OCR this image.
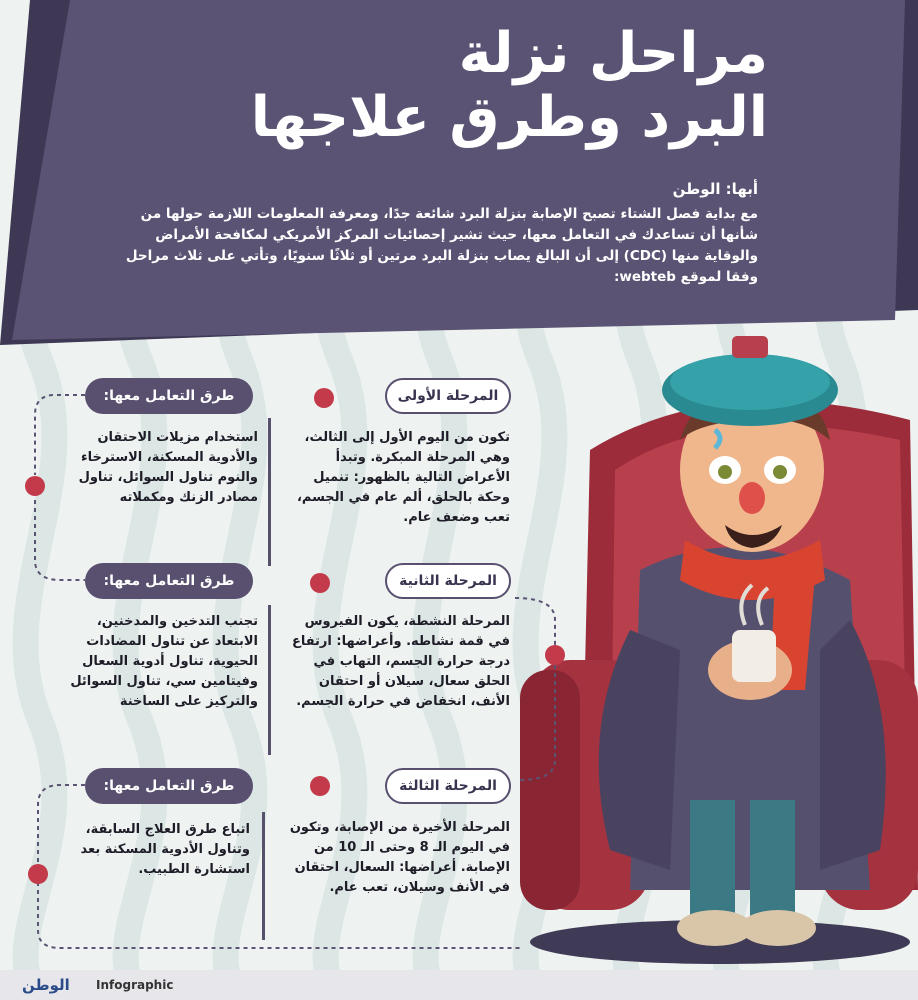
مراحل نزلة
البرد وطرق علاجها
أبها: الوطن
مع بداية فصل الشتاء تصبح الإصابة بنزلة البرد شائعة جدًا، ومعرفة المعلومات اللازمة حولها من شأنها أن تساعدك في التعامل معها، حيث تشير إحصائيات المركز الأمريكي لمكافحة الأمراض والوقاية منها (CDC) إلى أن البالغ يصاب بنزلة البرد مرتين أو ثلاثًا سنويًا، وتأتي على ثلاث مراحل وفقا لموقع webteb:
المرحلة الأولى
طرق التعامل معها:
تكون من اليوم الأول إلى الثالث، وهي المرحلة المبكرة. وتبدأ الأعراض التالية بالظهور: تنميل وحكة بالحلق، ألم عام في الجسم، تعب وضعف عام.
استخدام مزيلات الاحتقان والأدوية المسكنة، الاسترخاء والنوم تناول السوائل، تناول مصادر الزنك ومكملاته
المرحلة الثانية
طرق التعامل معها:
المرحلة النشطة، يكون الفيروس في قمة نشاطه. وأعراضها: ارتفاع درجة حرارة الجسم، التهاب في الحلق سعال، سيلان أو احتقان الأنف، انخفاض في حرارة الجسم.
تجنب التدخين والمدخنين، الابتعاد عن تناول المضادات الحيوية، تناول أدوية السعال وفيتامين سي، تناول السوائل والتركيز على الساخنة
المرحلة الثالثة
طرق التعامل معها:
المرحلة الأخيرة من الإصابة، وتكون في اليوم الـ 8 وحتى الـ 10 من الإصابة. أعراضها: السعال، احتقان في الأنف وسيلان، تعب عام.
اتباع طرق العلاج السابقة، وتناول الأدوية المسكنة بعد استشارة الطبيب.
الوطن Infographic
